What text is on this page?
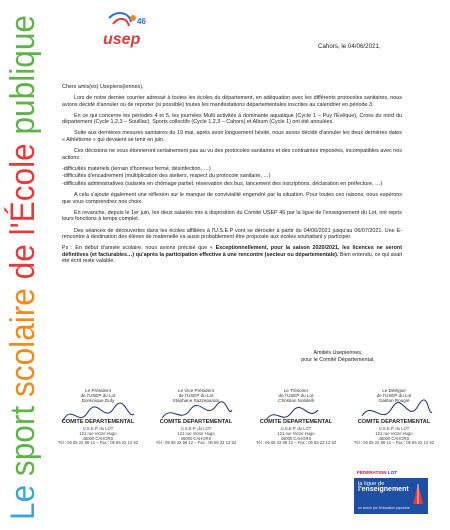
Le sport scolaire de l'École publique	46
usep	Cahors, le 04/06/2021,

Chers amis(es) Usepiens(iennes),

Lors de notre dernier courrier adressé à toutes les écoles du département, en adéquation avec les différents protocoles sanitaires, nous avions décidé d'annuler ou de reporter (si possible) toutes les manifestations départementales inscrites au calendrier en période 3.

En ce qui concerne les périodes 4 et 5, les journées Multi activités à dominante aquatique (Cycle 1 – Puy l'Évêque), Cross du nord du département (Cycle 1,2,3 – Souillac), Sports collectifs (Cycle 1,2,3 – Cahors) et Album (Cycle 1) ont été annulées.

Suite aux dernières mesures sanitaires du 19 mai, après avoir longuement hésité, nous avons décidé d'annuler les deux dernières dates « Athlétisme » qui devaient se tenir en juin.

Ces décisions ne vous étonneront certainement pas au vu des protocoles sanitaires et des contraintes imposées, incompatibles avec nos actions :

-difficultés matériels (terrain d'honneur fermé, désinfection, …)

-difficultés d'encadrement (multiplication des ateliers, respect du protocole sanitaire, …)

-difficultés administratives (salariés en chômage partiel, réservation des bus, lancement des inscriptions, déclaration en préfecture, …)

A cela s'ajoute également une réflexion sur le manque de convivialité engendré par la situation. Pour toutes ces raisons, nous espérons que vous comprendrez nos choix.

En revanche, depuis le 1er juin, les deux salariés mis à disposition du Comité USEP 46 par la ligue de l'enseignement du Lot, ont repris leurs fonctions à temps complet.

Des séances de découvertes dans les écoles affiliées à l'U.S.E.P vont se dérouler à partir du 04/06/2021 jusqu'au 06/07/2021. Une E-rencontre à destination des élèves de maternelle va aussi probablement être proposée aux écoles souhaitant y participer.

Ps : En début d'année scolaire, nous avions précisé que « Exceptionnellement, pour la saison 2020/2021, les licences ne seront définitives (et facturables…) qu'après la participation effective à une rencontre (secteur ou départementale). Bien entendu, ce qui avait été écrit reste valable.

Amitiés Usepiennes,
pour le Comité Départemental,
Le Président
de l'USEP du Lot
Dominique Dufy
COMITE DEPARTEMENTAL
U.S.E.P. du LOT
121 rue Victor Hugo
46000 CAHORS
Tél : 05 65 22 68 12 – Fax : 05 65 22 12 52
Le Vice Président
de l'USEP du Lot
Stéphane Sazzeparato
COMITE DEPARTEMENTAL
U.S.E.P. du LOT
121 rue Victor Hugo
46000 CAHORS
Tél : 05 65 22 68 12 – Fax : 05 65 22 12 52
Le Trésorier
de l'USEP du Lot
Christian Nobilelli
COMITE DEPARTEMENTAL
U.S.E.P. du LOT
121 rue Victor Hugo
46000 CAHORS
Tél : 05 65 22 68 12 – Fax : 05 65 22 12 52
Le Délégué
de l'USEP du Lot
Gaëtan Rougié
COMITE DEPARTEMENTAL
U.S.E.P. du LOT
121 rue Victor Hugo
46000 CAHORS
Tél : 05 65 22 68 12 – Fax : 05 65 22 12 52
FÉDÉRATION LOT
la ligue de
l'enseignement
un avenir par l'éducation populaire
